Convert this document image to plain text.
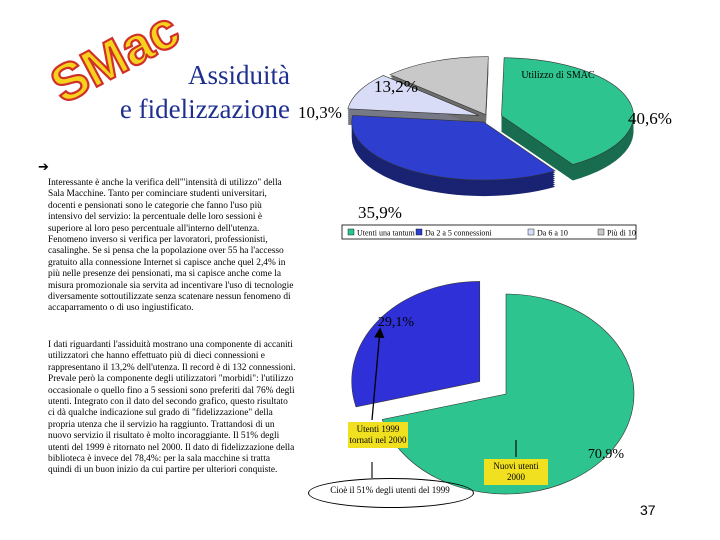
SMac Assiduità
e fidelizzazione
➔
Interessante è anche la verifica dell'"intensità di utilizzo" della Sala Macchine. Tanto per cominciare studenti universitari, docenti e pensionati sono le categorie che fanno l'uso più intensivo del servizio: la percentuale delle loro sessioni è superiore al loro peso percentuale all'interno dell'utenza. Fenomeno inverso si verifica per lavoratori, professionisti, casalinghe. Se si pensa che la popolazione over 55 ha l'accesso gratuito alla connessione Internet si capisce anche quel 2,4% in più nelle presenze dei pensionati, ma si capisce anche come la misura promozionale sia servita ad incentivare l'uso di tecnologie diversamente sottoutilizzate senza scatenare nessun fenomeno di accaparramento o di uso ingiustificato.
I dati riguardanti l'assiduità mostrano una componente di accaniti utilizzatori che hanno effettuato più di dieci connessioni e rappresentano il 13,2% dell'utenza. Il record è di 132 connessioni. Prevale però la componente degli utilizzatori "morbidi": l'utilizzo occasionale o quello fino a 5 sessioni sono preferiti dal 76% degli utenti. Integrato con il dato del secondo grafico, questo risultato ci dà qualche indicazione sul grado di "fidelizzazione" della propria utenza che il servizio ha raggiunto. Trattandosi di un nuovo servizio il risultato è molto incoraggiante. Il 51% degli utenti del 1999 è ritornato nel 2000. Il dato di fidelizzazione della biblioteca è invece del 78,4%: per la sala macchine si tratta quindi di un buon inizio da cui partire per ulteriori conquiste.
40,6%
35,9%
10,3%
13,2%
Utilizzo di SMAC
Utenti una tantum Da 2 a 5 connessioni	Da 6 a 10	Più di 10
29,1%
70,9%
Utenti 1999 tornati nel 2000
Nuovi utenti 2000
Cioè il 51% degli utenti del 1999
37
